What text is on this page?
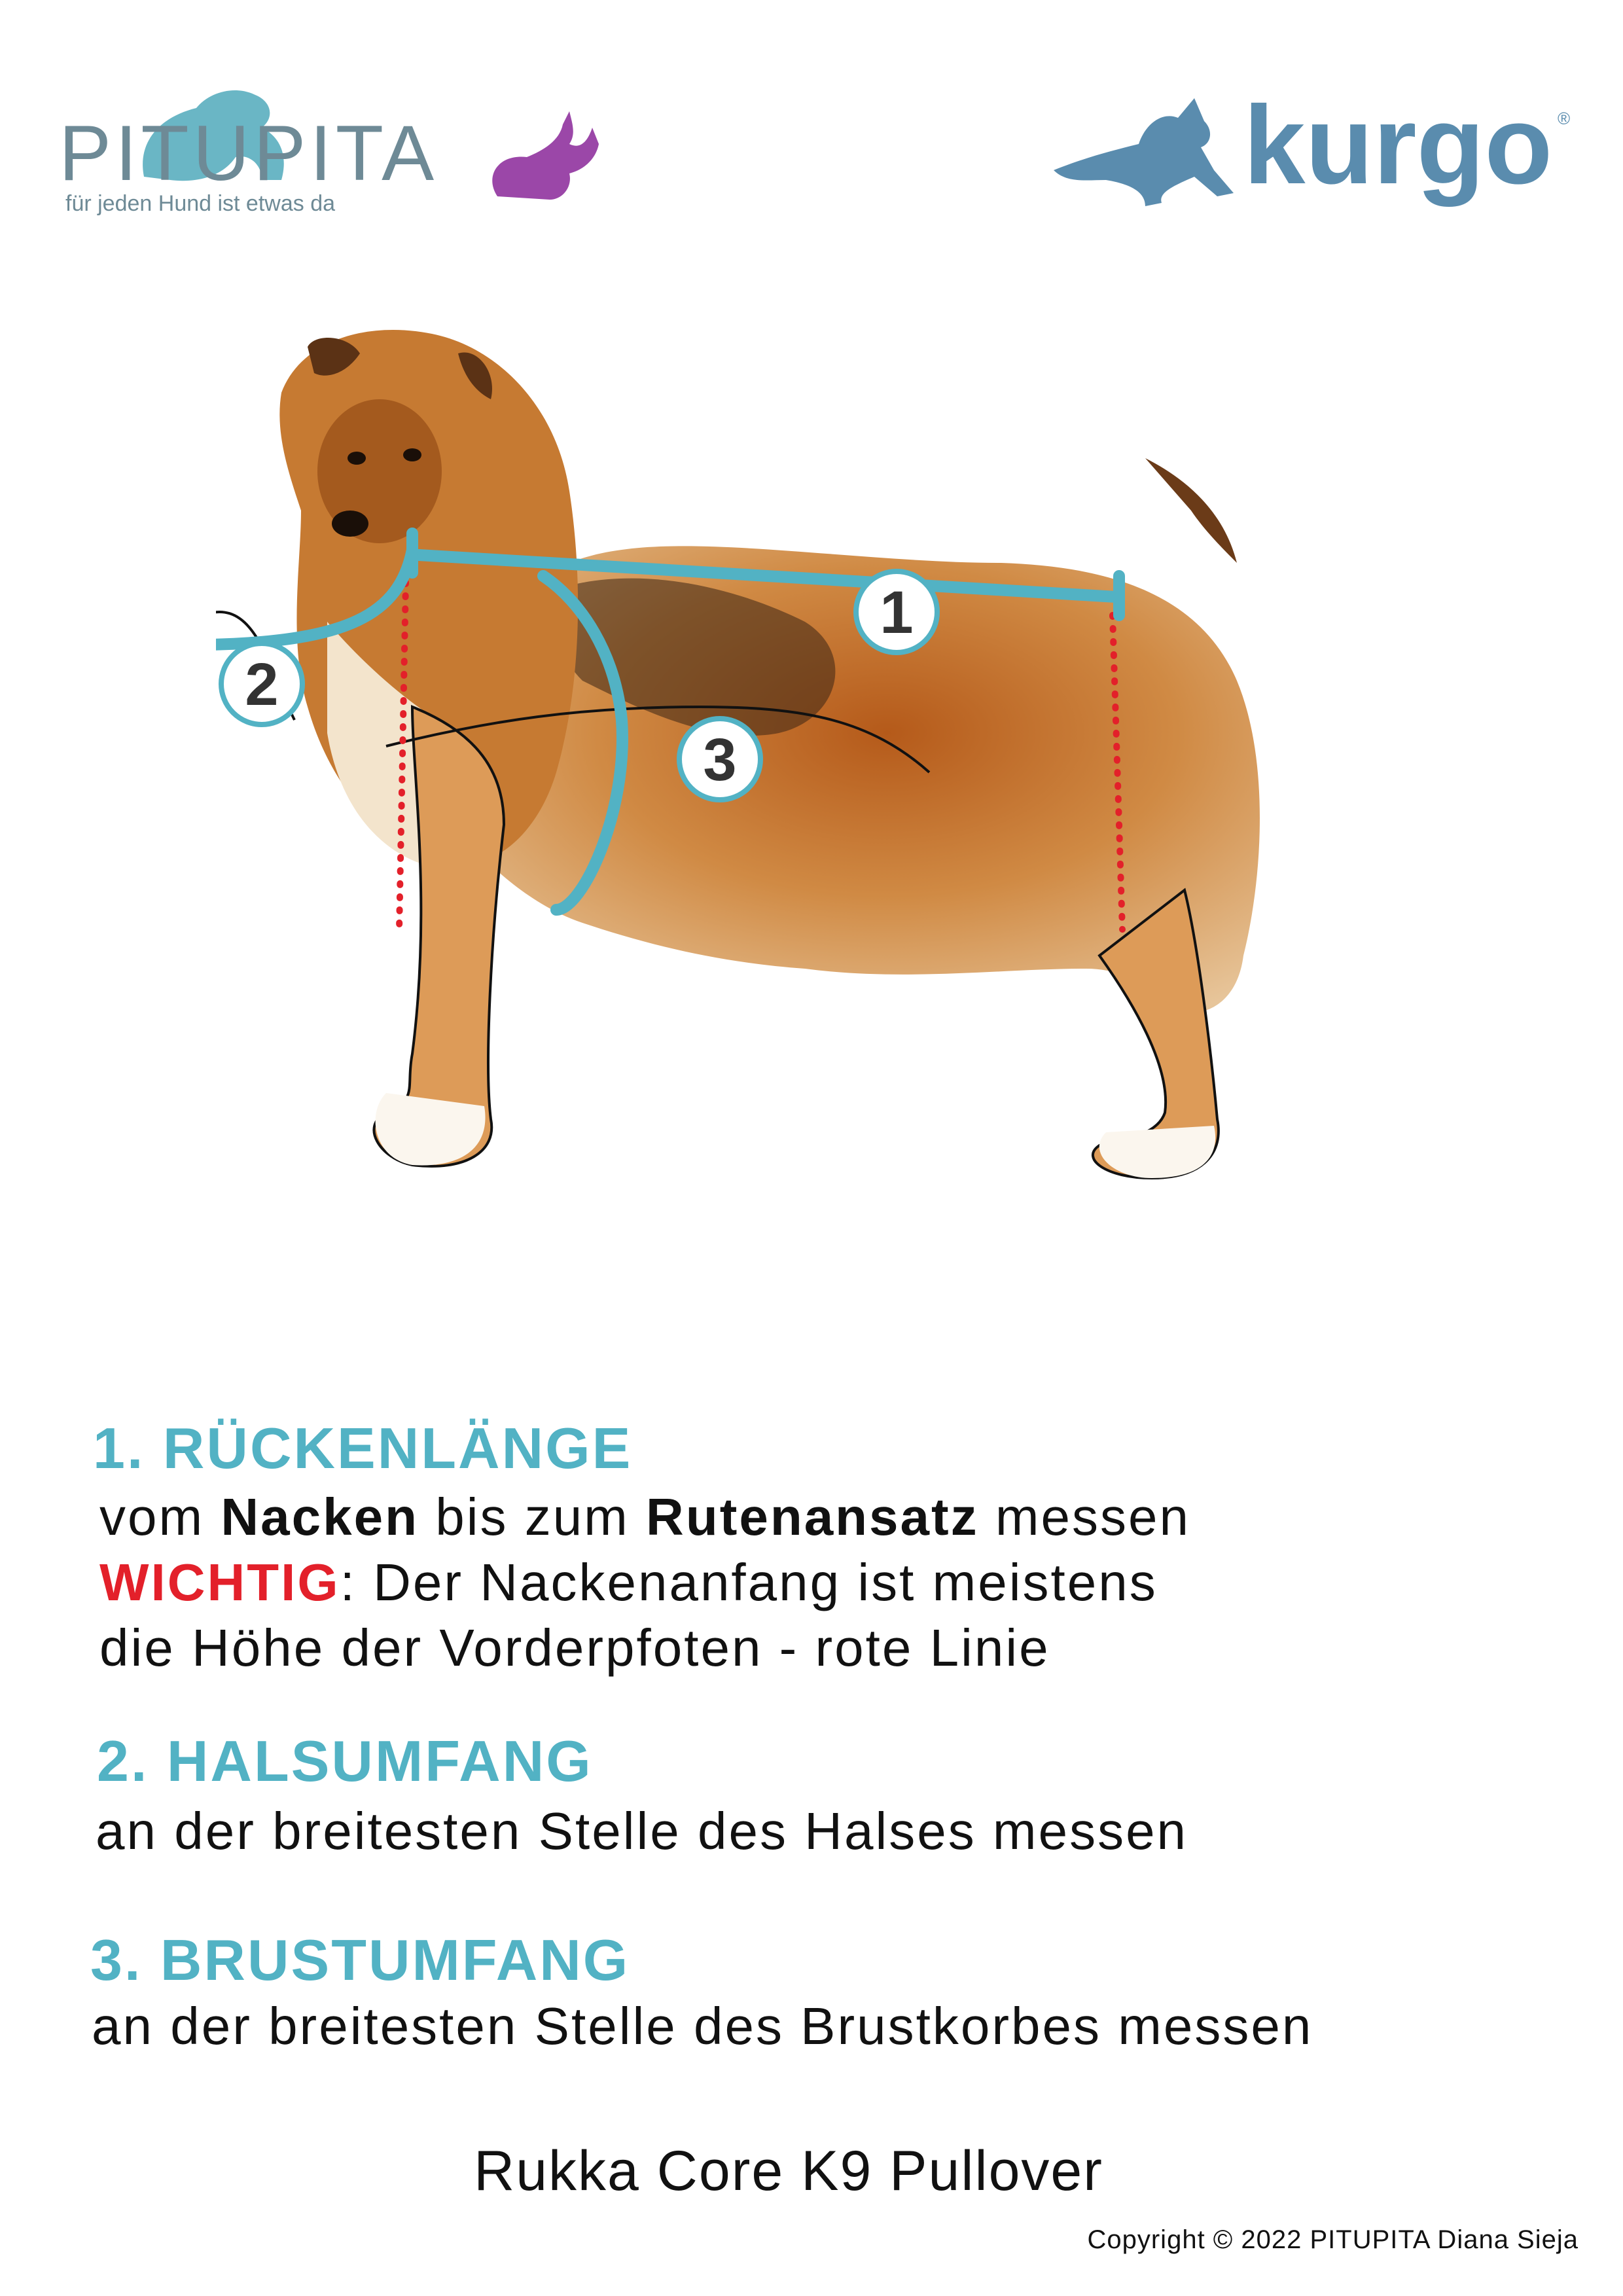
PITUPITA
für jeden Hund ist etwas da	kurgo ®
1
2
3
1. RÜCKENLÄNGE
vom Nacken bis zum Rutenansatz messen
WICHTIG: Der Nackenanfang ist meistens
die Höhe der Vorderpfoten - rote Linie
2. HALSUMFANG
an der breitesten Stelle des Halses messen
3. BRUSTUMFANG
an der breitesten Stelle des Brustkorbes messen
Rukka Core K9 Pullover
Copyright © 2022 PITUPITA Diana Sieja
